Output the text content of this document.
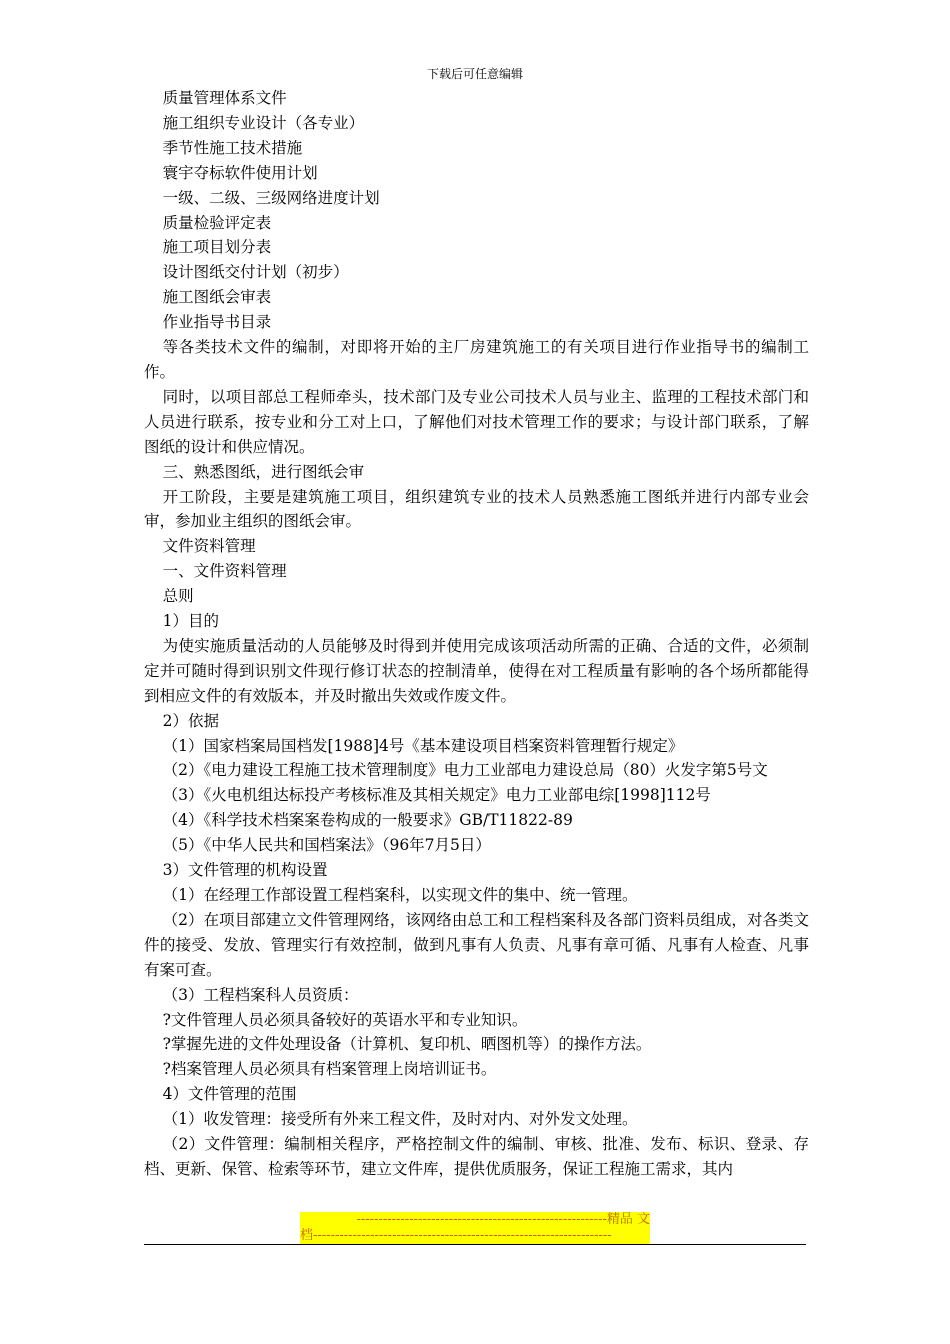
下载后可任意编辑

质量管理体系文件

施工组织专业设计（各专业）

季节性施工技术措施

寰宇夺标软件使用计划

一级、二级、三级网络进度计划

质量检验评定表

施工项目划分表

设计图纸交付计划（初步）

施工图纸会审表

作业指导书目录

等各类技术文件的编制，对即将开始的主厂房建筑施工的有关项目进行作业指导书的编制工作。

同时，以项目部总工程师牵头，技术部门及专业公司技术人员与业主、监理的工程技术部门和人员进行联系，按专业和分工对上口，了解他们对技术管理工作的要求；与设计部门联系，了解图纸的设计和供应情况。

三、熟悉图纸，进行图纸会审

开工阶段，主要是建筑施工项目，组织建筑专业的技术人员熟悉施工图纸并进行内部专业会审，参加业主组织的图纸会审。

文件资料管理

一、文件资料管理

总则

1）目的

为使实施质量活动的人员能够及时得到并使用完成该项活动所需的正确、合适的文件，必须制定并可随时得到识别文件现行修订状态的控制清单，使得在对工程质量有影响的各个场所都能得到相应文件的有效版本，并及时撤出失效或作废文件。

2）依据

（1）国家档案局国档发[1988]4号《基本建设项目档案资料管理暂行规定》

（2）《电力建设工程施工技术管理制度》电力工业部电力建设总局（80）火发字第5号文

（3）《火电机组达标投产考核标准及其相关规定》电力工业部电综[1998]112号

（4）《科学技术档案案卷构成的一般要求》GB/T11822-89

（5）《中华人民共和国档案法》（96年7月5日）

3）文件管理的机构设置

（1）在经理工作部设置工程档案科，以实现文件的集中、统一管理。

（2）在项目部建立文件管理网络，该网络由总工和工程档案科及各部门资料员组成，对各类文件的接受、发放、管理实行有效控制，做到凡事有人负责、凡事有章可循、凡事有人检查、凡事有案可查。

（3）工程档案科人员资质：

?文件管理人员必须具备较好的英语水平和专业知识。

?掌握先进的文件处理设备（计算机、复印机、晒图机等）的操作方法。

?档案管理人员必须具有档案管理上岗培训证书。

4）文件管理的范围

（1）收发管理：接受所有外来工程文件，及时对内、对外发文处理。

（2）文件管理：编制相关程序，严格控制文件的编制、审核、批准、发布、标识、登录、存档、更新、保管、检索等环节，建立文件库，提供优质服务，保证工程施工需求，其内

---------------------------------------------------------精品 文
档--------------------------------------------------------------------
